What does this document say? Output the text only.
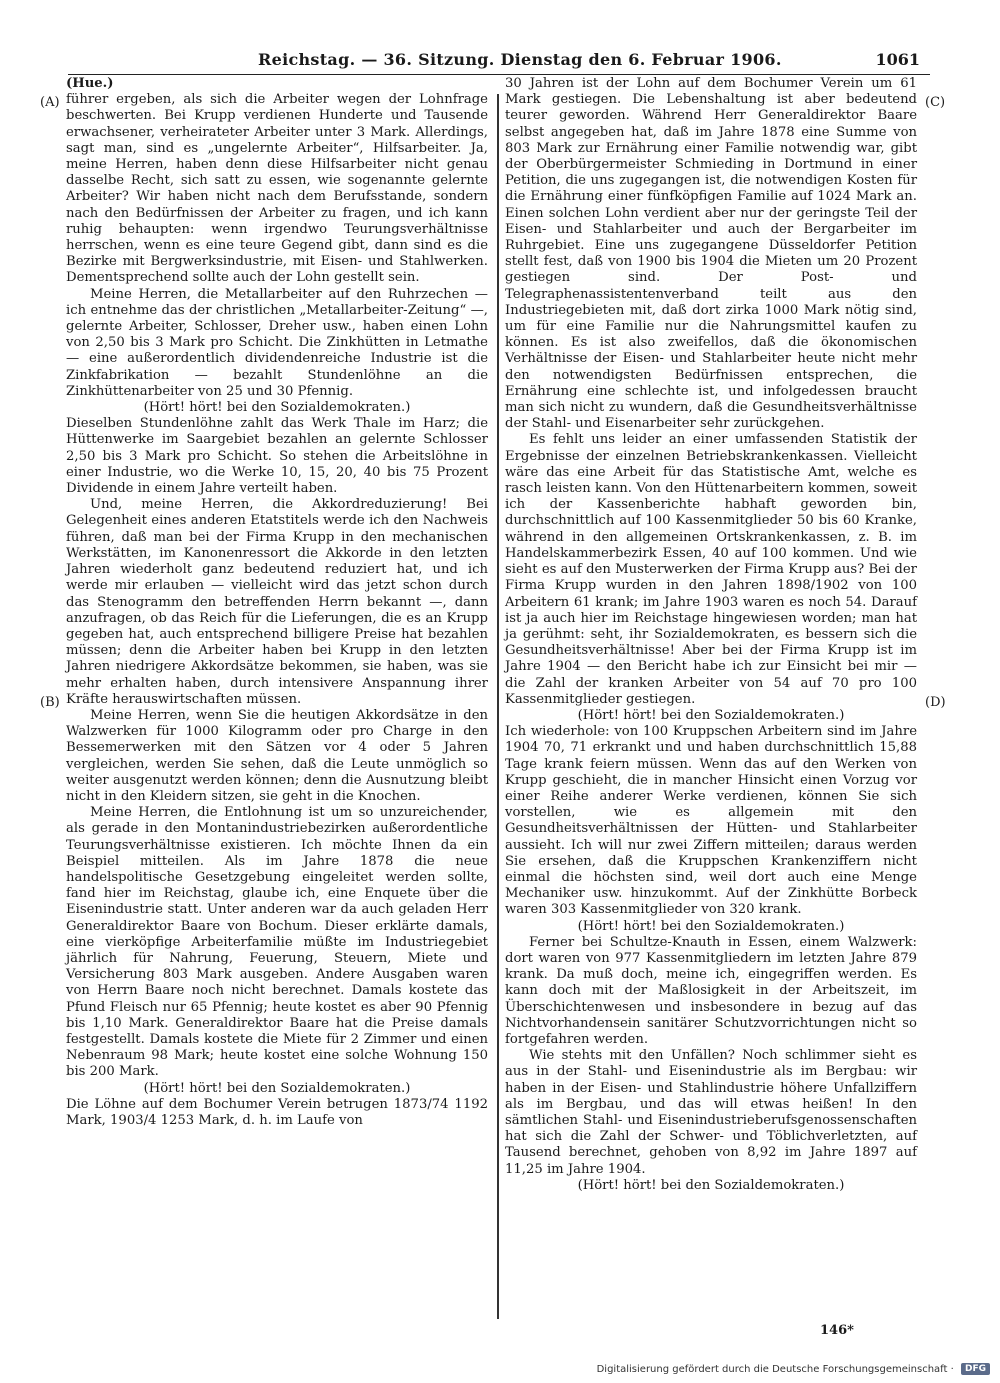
Reichstag. — 36. Sitzung. Dienstag den 6. Februar 1906.	1061
(A)
(B)
(C)
(D)

(Hue.)

führer ergeben, als sich die Arbeiter wegen der Lohnfrage beschwerten. Bei Krupp verdienen Hunderte und Tausende erwachsener, verheirateter Arbeiter unter 3 Mark. Allerdings, sagt man, sind es „ungelernte Arbeiter“, Hilfsarbeiter. Ja, meine Herren, haben denn diese Hilfsarbeiter nicht genau dasselbe Recht, sich satt zu essen, wie sogenannte gelernte Arbeiter? Wir haben nicht nach dem Berufsstande, sondern nach den Bedürfnissen der Arbeiter zu fragen, und ich kann ruhig behaupten: wenn irgendwo Teurungsverhältnisse herrschen, wenn es eine teure Gegend gibt, dann sind es die Bezirke mit Bergwerksindustrie, mit Eisen- und Stahlwerken. Dementsprechend sollte auch der Lohn gestellt sein.

Meine Herren, die Metallarbeiter auf den Ruhrzechen — ich entnehme das der christlichen „Metallarbeiter-Zeitung“ —, gelernte Arbeiter, Schlosser, Dreher usw., haben einen Lohn von 2,50 bis 3 Mark pro Schicht. Die Zinkhütten in Letmathe — eine außerordentlich dividendenreiche Industrie ist die Zinkfabrikation — bezahlt Stundenlöhne an die Zinkhüttenarbeiter von 25 und 30 Pfennig.

(Hört! hört! bei den Sozialdemokraten.)

Dieselben Stundenlöhne zahlt das Werk Thale im Harz; die Hüttenwerke im Saargebiet bezahlen an gelernte Schlosser 2,50 bis 3 Mark pro Schicht. So stehen die Arbeitslöhne in einer Industrie, wo die Werke 10, 15, 20, 40 bis 75 Prozent Dividende in einem Jahre verteilt haben.

Und, meine Herren, die Akkordreduzierung! Bei Gelegenheit eines anderen Etatstitels werde ich den Nachweis führen, daß man bei der Firma Krupp in den mechanischen Werkstätten, im Kanonenressort die Akkorde in den letzten Jahren wiederholt ganz bedeutend reduziert hat, und ich werde mir erlauben — vielleicht wird das jetzt schon durch das Stenogramm den betreffenden Herrn bekannt —, dann anzufragen, ob das Reich für die Lieferungen, die es an Krupp gegeben hat, auch entsprechend billigere Preise hat bezahlen müssen; denn die Arbeiter haben bei Krupp in den letzten Jahren niedrigere Akkordsätze bekommen, sie haben, was sie mehr erhalten haben, durch intensivere Anspannung ihrer Kräfte herauswirtschaften müssen.

Meine Herren, wenn Sie die heutigen Akkordsätze in den Walzwerken für 1000 Kilogramm oder pro Charge in den Bessemerwerken mit den Sätzen vor 4 oder 5 Jahren vergleichen, werden Sie sehen, daß die Leute unmöglich so weiter ausgenutzt werden können; denn die Ausnutzung bleibt nicht in den Kleidern sitzen, sie geht in die Knochen.

Meine Herren, die Entlohnung ist um so unzureichender, als gerade in den Montanindustriebezirken außerordentliche Teurungsverhältnisse existieren. Ich möchte Ihnen da ein Beispiel mitteilen. Als im Jahre 1878 die neue handelspolitische Gesetzgebung eingeleitet werden sollte, fand hier im Reichstag, glaube ich, eine Enquete über die Eisenindustrie statt. Unter anderen war da auch geladen Herr Generaldirektor Baare von Bochum. Dieser erklärte damals, eine vierköpfige Arbeiterfamilie müßte im Industriegebiet jährlich für Nahrung, Feuerung, Steuern, Miete und Versicherung 803 Mark ausgeben. Andere Ausgaben waren von Herrn Baare noch nicht berechnet. Damals kostete das Pfund Fleisch nur 65 Pfennig; heute kostet es aber 90 Pfennig bis 1,10 Mark. Generaldirektor Baare hat die Preise damals festgestellt. Damals kostete die Miete für 2 Zimmer und einen Nebenraum 98 Mark; heute kostet eine solche Wohnung 150 bis 200 Mark.

(Hört! hört! bei den Sozialdemokraten.)

Die Löhne auf dem Bochumer Verein betrugen 1873/74 1192 Mark, 1903/4 1253 Mark, d. h. im Laufe von

30 Jahren ist der Lohn auf dem Bochumer Verein um 61 Mark gestiegen. Die Lebenshaltung ist aber bedeutend teurer geworden. Während Herr Generaldirektor Baare selbst angegeben hat, daß im Jahre 1878 eine Summe von 803 Mark zur Ernährung einer Familie notwendig war, gibt der Oberbürgermeister Schmieding in Dortmund in einer Petition, die uns zugegangen ist, die notwendigen Kosten für die Ernährung einer fünfköpfigen Familie auf 1024 Mark an. Einen solchen Lohn verdient aber nur der geringste Teil der Eisen- und Stahlarbeiter und auch der Bergarbeiter im Ruhrgebiet. Eine uns zugegangene Düsseldorfer Petition stellt fest, daß von 1900 bis 1904 die Mieten um 20 Prozent gestiegen sind. Der Post- und Telegraphenassistentenverband teilt aus den Industriegebieten mit, daß dort zirka 1000 Mark nötig sind, um für eine Familie nur die Nahrungsmittel kaufen zu können. Es ist also zweifellos, daß die ökonomischen Verhältnisse der Eisen- und Stahlarbeiter heute nicht mehr den notwendigsten Bedürfnissen entsprechen, die Ernährung eine schlechte ist, und infolgedessen braucht man sich nicht zu wundern, daß die Gesundheitsverhältnisse der Stahl- und Eisenarbeiter sehr zurückgehen.

Es fehlt uns leider an einer umfassenden Statistik der Ergebnisse der einzelnen Betriebskrankenkassen. Vielleicht wäre das eine Arbeit für das Statistische Amt, welche es rasch leisten kann. Von den Hüttenarbeitern kommen, soweit ich der Kassenberichte habhaft geworden bin, durchschnittlich auf 100 Kassenmitglieder 50 bis 60 Kranke, während in den allgemeinen Ortskrankenkassen, z. B. im Handelskammerbezirk Essen, 40 auf 100 kommen. Und wie sieht es auf den Musterwerken der Firma Krupp aus? Bei der Firma Krupp wurden in den Jahren 1898/1902 von 100 Arbeitern 61 krank; im Jahre 1903 waren es noch 54. Darauf ist ja auch hier im Reichstage hingewiesen worden; man hat ja gerühmt: seht, ihr Sozialdemokraten, es bessern sich die Gesundheitsverhältnisse! Aber bei der Firma Krupp ist im Jahre 1904 — den Bericht habe ich zur Einsicht bei mir — die Zahl der kranken Arbeiter von 54 auf 70 pro 100 Kassenmitglieder gestiegen.

(Hört! hört! bei den Sozialdemokraten.)

Ich wiederhole: von 100 Kruppschen Arbeitern sind im Jahre 1904 70, 71 erkrankt und und haben durchschnittlich 15,88 Tage krank feiern müssen. Wenn das auf den Werken von Krupp geschieht, die in mancher Hinsicht einen Vorzug vor einer Reihe anderer Werke verdienen, können Sie sich vorstellen, wie es allgemein mit den Gesundheitsverhältnissen der Hütten- und Stahlarbeiter aussieht. Ich will nur zwei Ziffern mitteilen; daraus werden Sie ersehen, daß die Kruppschen Krankenziffern nicht einmal die höchsten sind, weil dort auch eine Menge Mechaniker usw. hinzukommt. Auf der Zinkhütte Borbeck waren 303 Kassenmitglieder von 320 krank.

(Hört! hört! bei den Sozialdemokraten.)

Ferner bei Schultze-Knauth in Essen, einem Walzwerk: dort waren von 977 Kassenmitgliedern im letzten Jahre 879 krank. Da muß doch, meine ich, eingegriffen werden. Es kann doch mit der Maßlosigkeit in der Arbeitszeit, im Überschichtenwesen und insbesondere in bezug auf das Nichtvorhandensein sanitärer Schutzvorrichtungen nicht so fortgefahren werden.

Wie stehts mit den Unfällen? Noch schlimmer sieht es aus in der Stahl- und Eisenindustrie als im Bergbau: wir haben in der Eisen- und Stahlindustrie höhere Unfallziffern als im Bergbau, und das will etwas heißen! In den sämtlichen Stahl- und Eisenindustrieberufsgenossenschaften hat sich die Zahl der Schwer- und Töblichverletzten, auf Tausend berechnet, gehoben von 8,92 im Jahre 1897 auf 11,25 im Jahre 1904.

(Hört! hört! bei den Sozialdemokraten.)

146*
Digitalisierung gefördert durch die Deutsche Forschungsgemeinschaft · DFG
